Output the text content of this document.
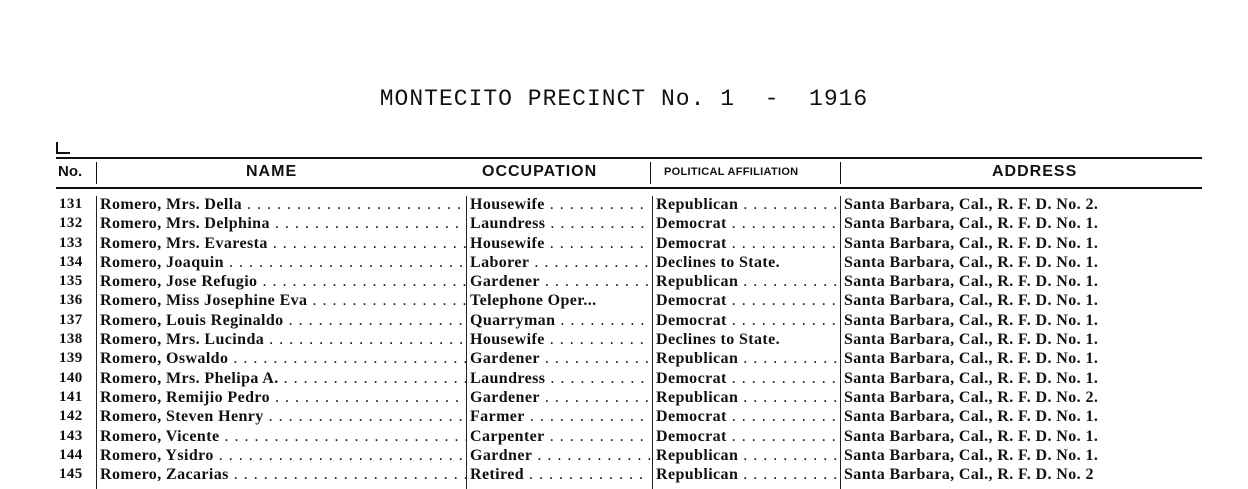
MONTECITO PRECINCT No. 1  -  1916
No.	NAME	OCCUPATION	POLITICAL AFFILIATION	ADDRESS
131	Romero, Mrs. Della . . .	Housewife . . .	Republican . . .	Santa Barbara, Cal., R. F. D. No. 2.
132	Romero, Mrs. Delphina . . .	Laundress . . .	Democrat . . .	Santa Barbara, Cal., R. F. D. No. 1.
133	Romero, Mrs. Evaresta . . .	Housewife . . .	Democrat . . .	Santa Barbara, Cal., R. F. D. No. 1.
134	Romero, Joaquin . . .	Laborer . . .	Declines to State.	Santa Barbara, Cal., R. F. D. No. 1.
135	Romero, Jose Refugio . . .	Gardener . . .	Republican . . .	Santa Barbara, Cal., R. F. D. No. 1.
136	Romero, Miss Josephine Eva . . .	Telephone Oper...	Democrat . . .	Santa Barbara, Cal., R. F. D. No. 1.
137	Romero, Louis Reginaldo . . .	Quarryman . . .	Democrat . . .	Santa Barbara, Cal., R. F. D. No. 1.
138	Romero, Mrs. Lucinda . . .	Housewife . . .	Declines to State.	Santa Barbara, Cal., R. F. D. No. 1.
139	Romero, Oswaldo . . .	Gardener . . .	Republican . . .	Santa Barbara, Cal., R. F. D. No. 1.
140	Romero, Mrs. Phelipa A. . . .	Laundress . . .	Democrat . . .	Santa Barbara, Cal., R. F. D. No. 1.
141	Romero, Remijio Pedro . . .	Gardener . . .	Republican . . .	Santa Barbara, Cal., R. F. D. No. 2.
142	Romero, Steven Henry . . .	Farmer . . .	Democrat . . .	Santa Barbara, Cal., R. F. D. No. 1.
143	Romero, Vicente . . .	Carpenter . . .	Democrat . . .	Santa Barbara, Cal., R. F. D. No. 1.
144	Romero, Ysidro . . .	Gardner . . .	Republican . . .	Santa Barbara, Cal., R. F. D. No. 1.
145	Romero, Zacarias . . .	Retired . . .	Republican . . .	Santa Barbara, Cal., R. F. D. No. 2
